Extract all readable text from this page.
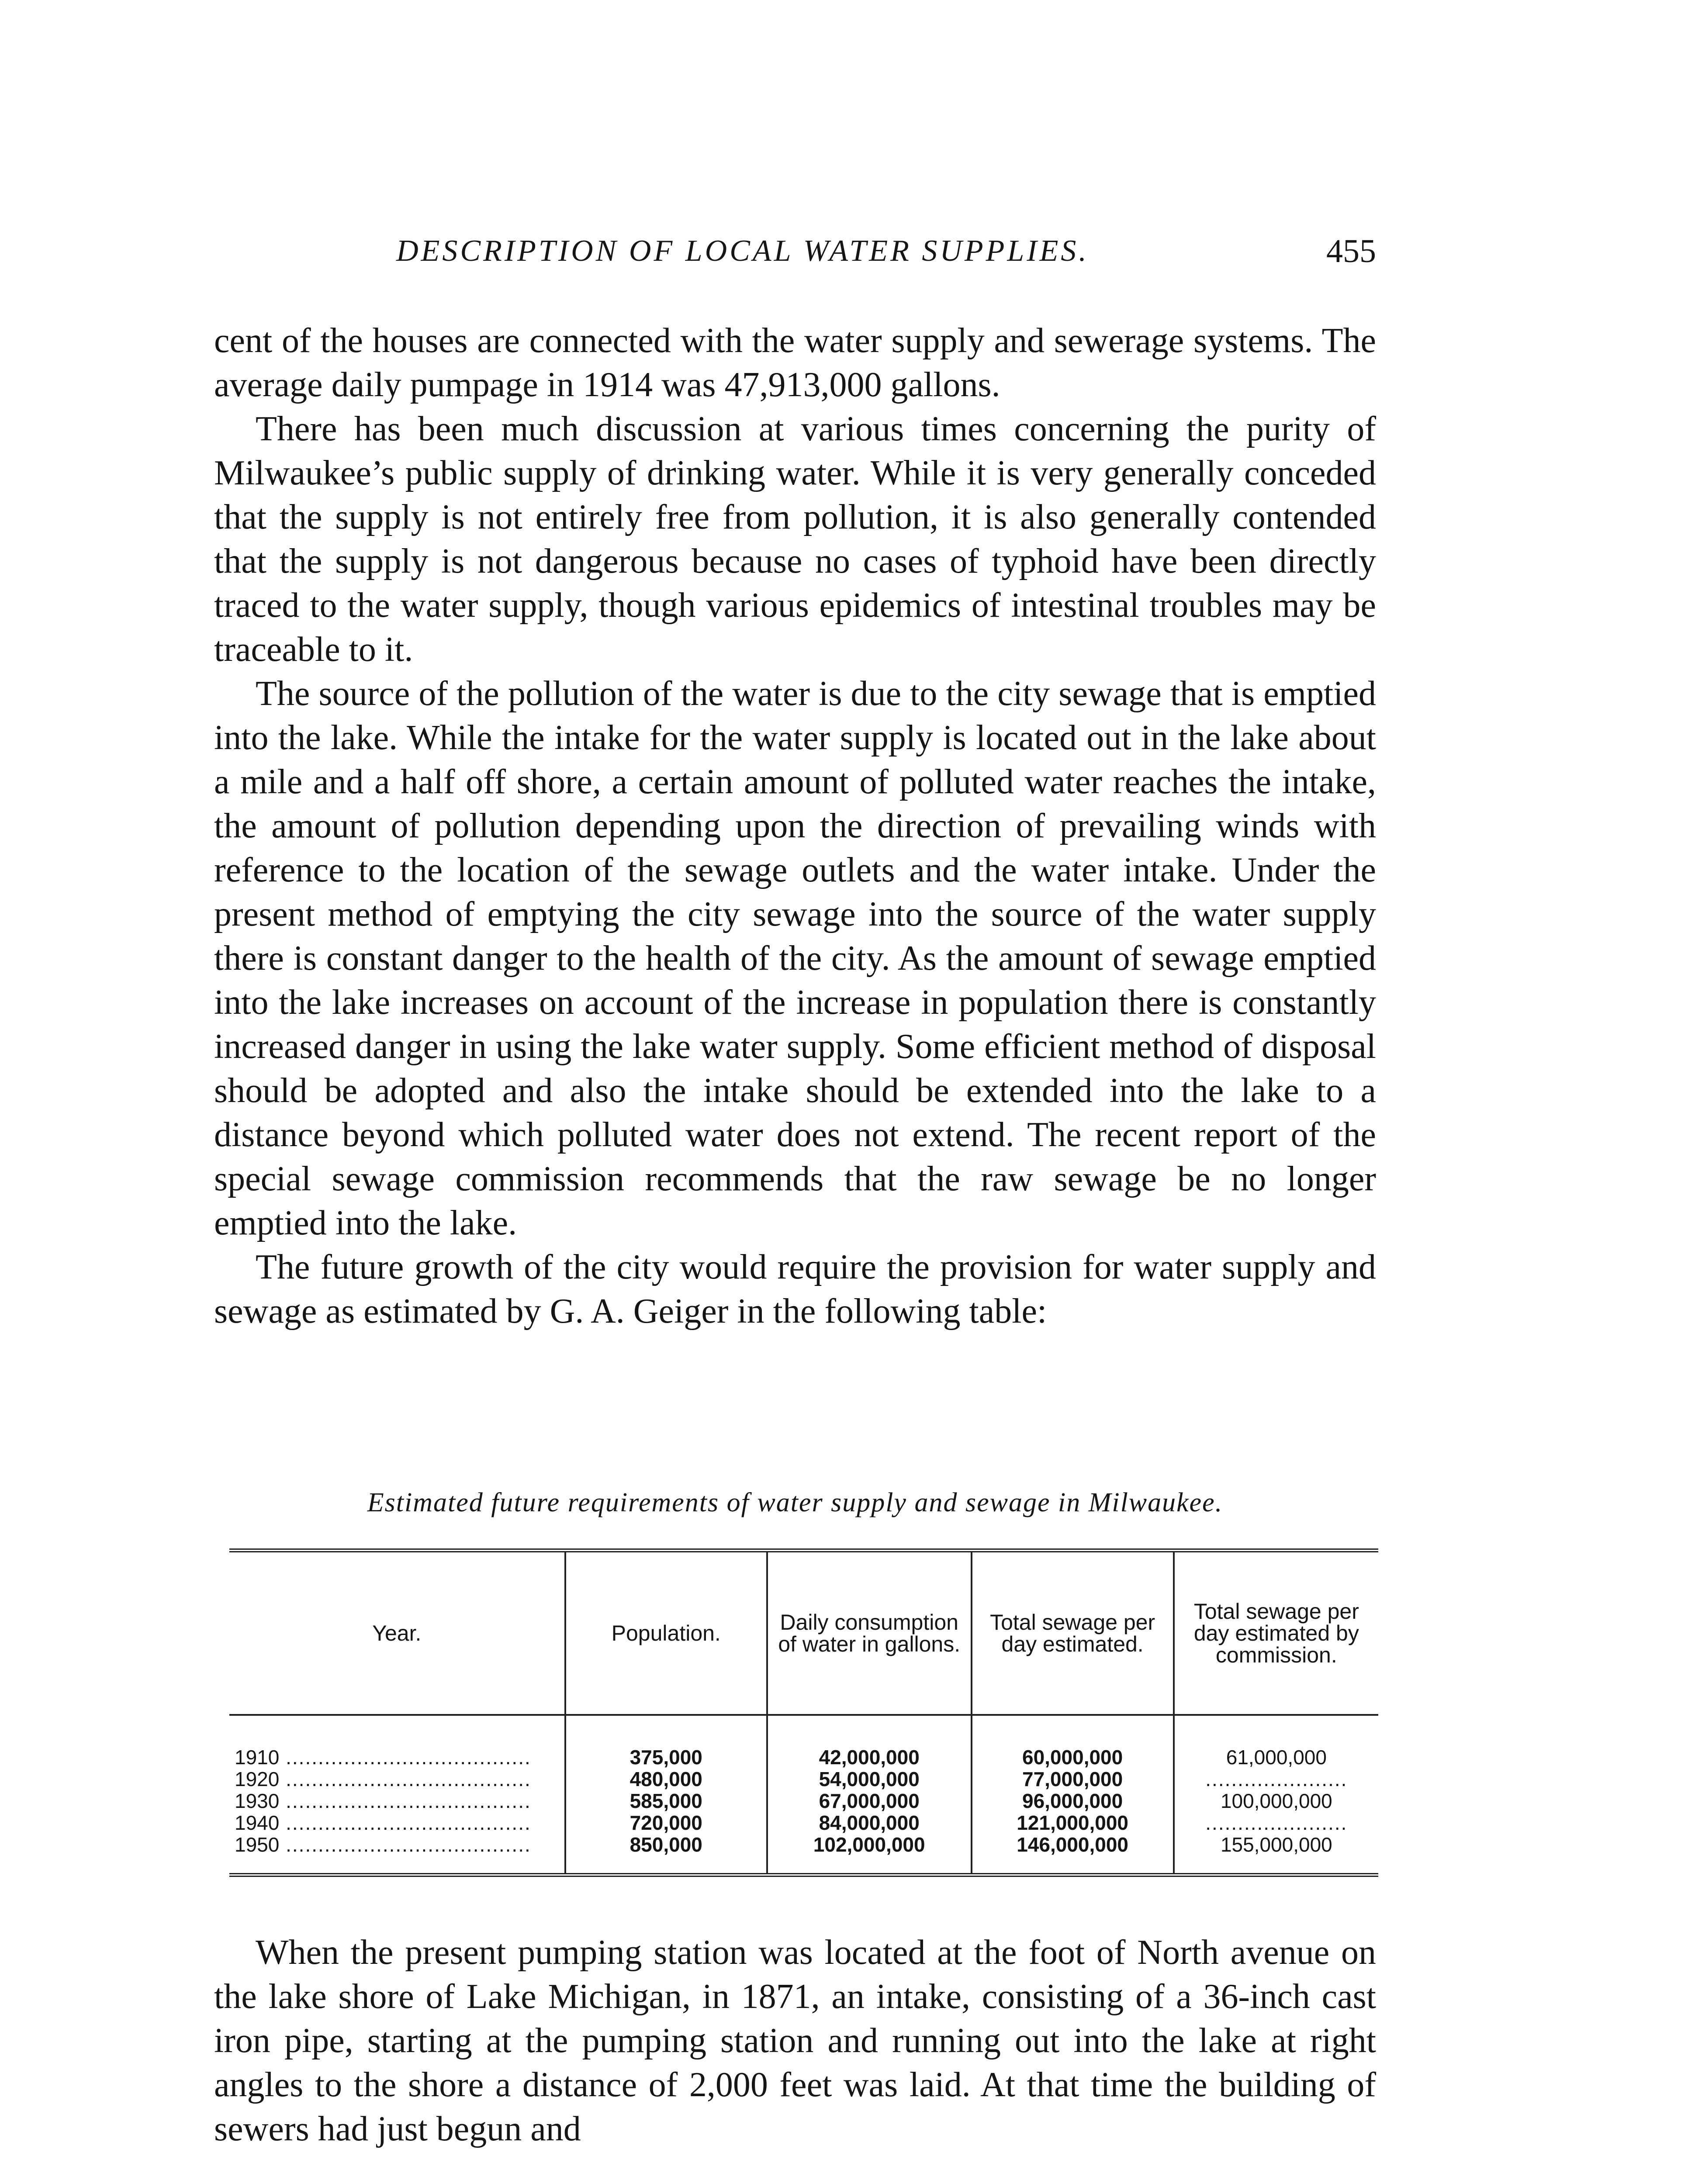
DESCRIPTION OF LOCAL WATER SUPPLIES.	455

cent of the houses are connected with the water supply and sewerage systems. The average daily pumpage in 1914 was 47,913,000 gallons.

There has been much discussion at various times concerning the purity of Milwaukee’s public supply of drinking water. While it is very generally conceded that the supply is not entirely free from pollution, it is also generally contended that the supply is not dangerous because no cases of typhoid have been directly traced to the water supply, though various epidemics of intestinal troubles may be traceable to it.

The source of the pollution of the water is due to the city sewage that is emptied into the lake. While the intake for the water supply is located out in the lake about a mile and a half off shore, a certain amount of polluted water reaches the intake, the amount of pollution depending upon the direction of prevailing winds with reference to the location of the sewage outlets and the water intake. Under the present method of emptying the city sewage into the source of the water supply there is constant danger to the health of the city. As the amount of sewage emptied into the lake increases on account of the increase in population there is constantly increased danger in using the lake water supply. Some efficient method of disposal should be adopted and also the intake should be extended into the lake to a distance beyond which polluted water does not extend. The recent report of the special sewage commission recommends that the raw sewage be no longer emptied into the lake.

The future growth of the city would require the provision for water supply and sewage as estimated by G. A. Geiger in the following table:

Estimated future requirements of water supply and sewage in Milwaukee.
Year.	Population.	Daily consumption of water in gallons.	Total sewage per day estimated.	Total sewage per day estimated by commission.
1910 .....	375,000	42,000,000	60,000,000	61,000,000
1920 .....	480,000	54,000,000	77,000,000	.....
1930 .....	585,000	67,000,000	96,000,000	100,000,000
1940 .....	720,000	84,000,000	121,000,000	.....
1950 .....	850,000	102,000,000	146,000,000	155,000,000

When the present pumping station was located at the foot of North avenue on the lake shore of Lake Michigan, in 1871, an intake, consisting of a 36-inch cast iron pipe, starting at the pumping station and running out into the lake at right angles to the shore a distance of 2,000 feet was laid. At that time the building of sewers had just begun and
